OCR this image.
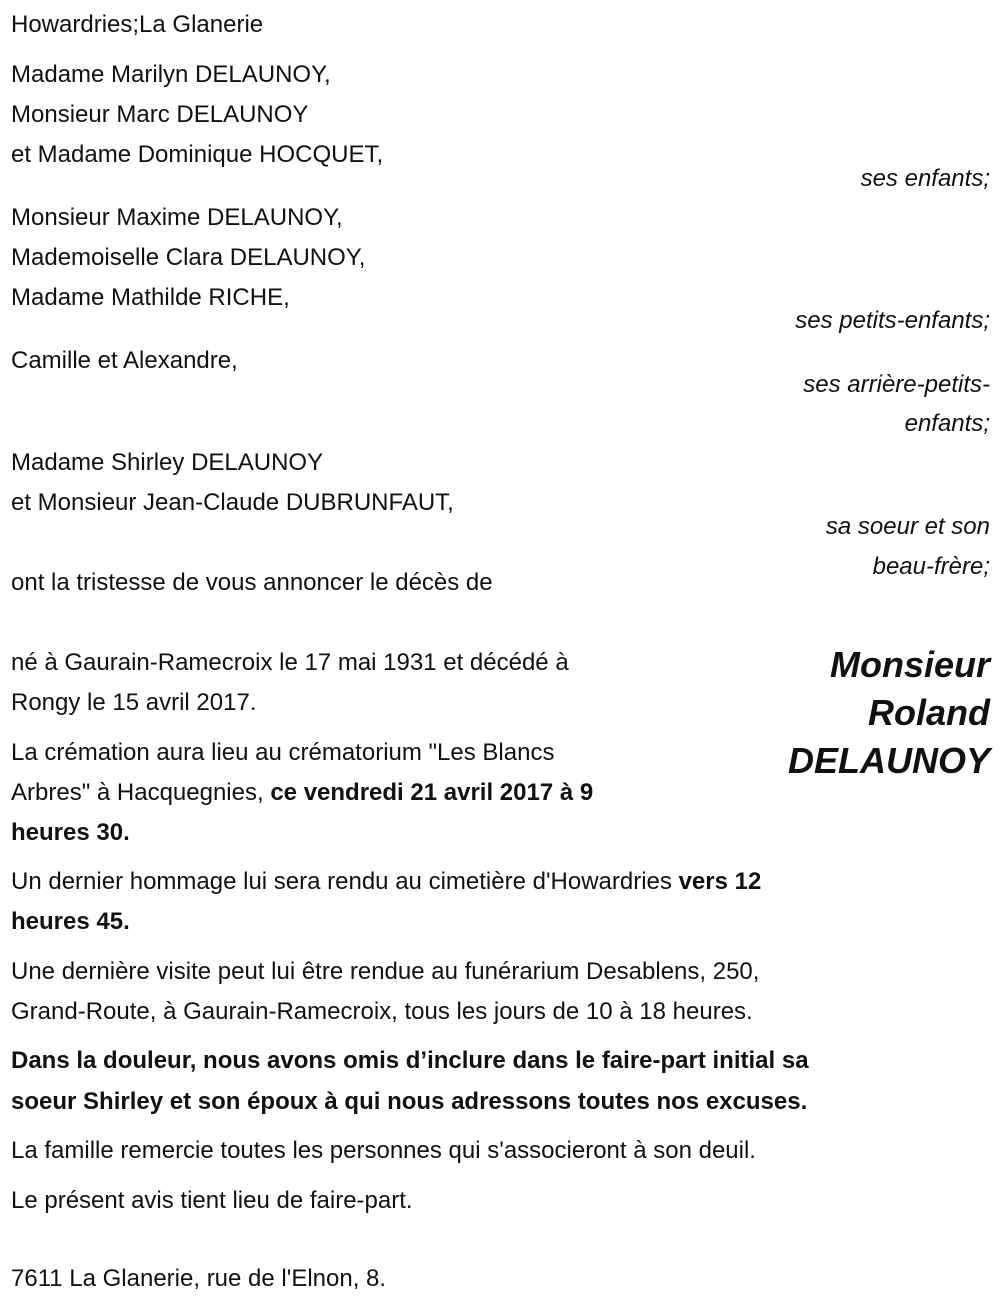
Howardries;La Glanerie
Madame Marilyn DELAUNOY,
Monsieur Marc DELAUNOY
et Madame Dominique HOCQUET,
ses enfants;
Monsieur Maxime DELAUNOY,
Mademoiselle Clara DELAUNOY,
Madame Mathilde RICHE,
ses petits-enfants;
Camille et Alexandre,
ses arrière-petits-
enfants;
Madame Shirley DELAUNOY
et Monsieur Jean-Claude DUBRUNFAUT,
sa soeur et son
beau-frère;
ont la tristesse de vous annoncer le décès de
Monsieur
Roland
DELAUNOY
né à Gaurain-Ramecroix le 17 mai 1931 et décédé à
Rongy le 15 avril 2017.
La crémation aura lieu au crématorium "Les Blancs
Arbres" à Hacquegnies, ce vendredi 21 avril 2017 à 9
heures 30.
Un dernier hommage lui sera rendu au cimetière d'Howardries vers 12
heures 45.
Une dernière visite peut lui être rendue au funérarium Desablens, 250,
Grand-Route, à Gaurain-Ramecroix, tous les jours de 10 à 18 heures.
Dans la douleur, nous avons omis d’inclure dans le faire-part initial sa
soeur Shirley et son époux à qui nous adressons toutes nos excuses.
La famille remercie toutes les personnes qui s'associeront à son deuil.
Le présent avis tient lieu de faire-part.
7611 La Glanerie, rue de l'Elnon, 8.
